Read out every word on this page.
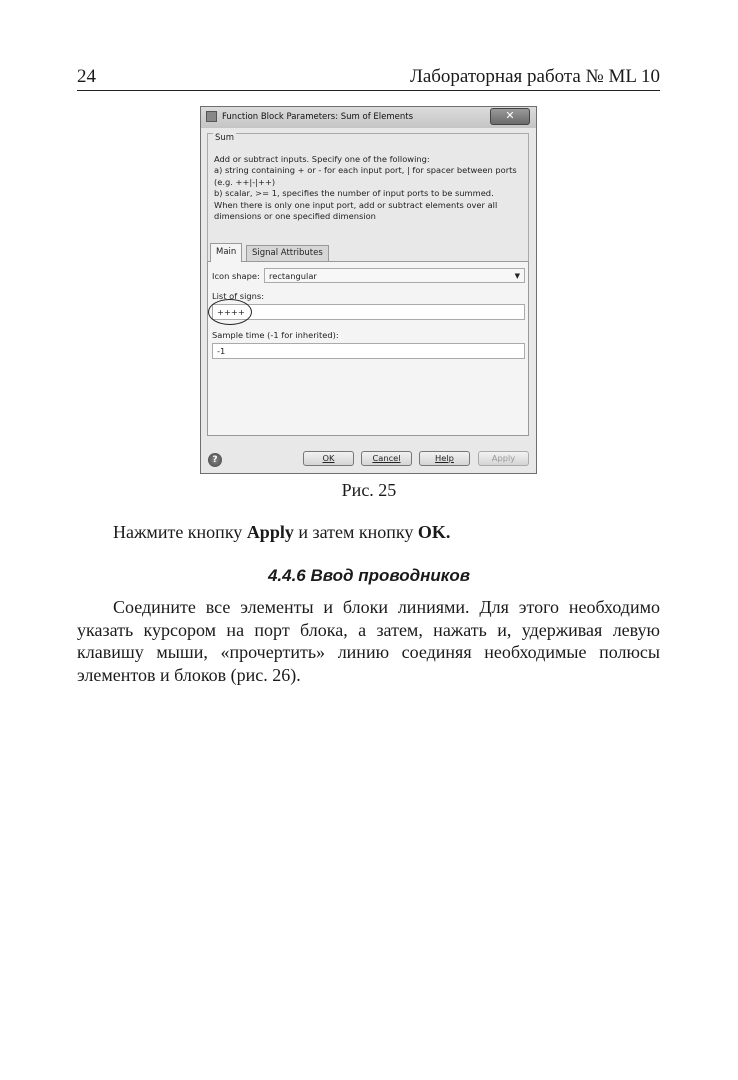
24	Лабораторная работа № ML 10
Function Block Parameters: Sum of Elements	✕
Sum
Add or subtract inputs. Specify one of the following:
a) string containing + or - for each input port, | for spacer between ports
(e.g. ++|-|++)
b) scalar, >= 1, specifies the number of input ports to be summed.
When there is only one input port, add or subtract elements over all
dimensions or one specified dimension
Main	Signal Attributes
Icon shape:	rectangular	▼
List of signs:
++++
Sample time (-1 for inherited):
-1
?	OK	Cancel	Help	Apply
Рис. 25
Нажмите кнопку Apply и затем кнопку OK.
4.4.6 Ввод проводников
Соедините все элементы и блоки линиями. Для этого необходимо
указать курсором на порт блока, а затем, нажать и, удерживая левую
клавишу мыши, «прочертить» линию соединяя необходимые полюсы
элементов и блоков (рис. 26).
